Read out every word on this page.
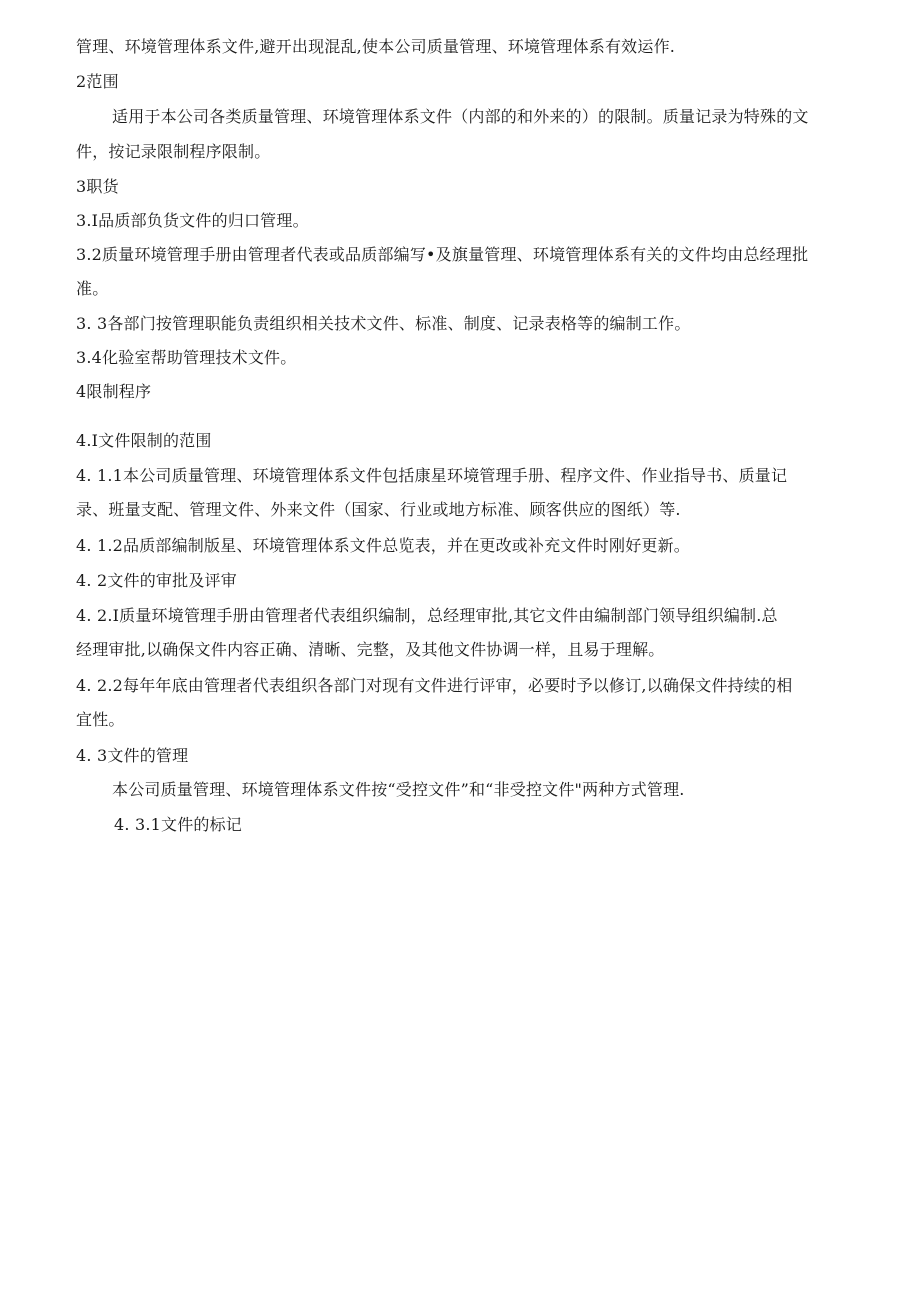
管理、环境管理体系文件,避开出现混乱,使本公司质量管理、环境管理体系有效运作.
2范围
适用于本公司各类质量管理、环境管理体系文件（内部的和外来的）的限制。质量记录为特殊的文
件，按记录限制程序限制。
3职货
3.I品质部负货文件的归口管理。
3.2质量环境管理手册由管理者代表或品质部编写•及旗量管理、环境管理体系有关的文件均由总经理批
准。
3. 3各部门按管理职能负责组织相关技术文件、标准、制度、记录表格等的编制工作。
3.4化验室帮助管理技术文件。
4限制程序
4.I文件限制的范围
4. 1.1本公司质量管理、环境管理体系文件包括康星环境管理手册、程序文件、作业指导书、质量记
录、班量支配、管理文件、外来文件（国家、行业或地方标准、顾客供应的图纸）等.
4. 1.2品质部编制版星、环境管理体系文件总览表，并在更改或补充文件时刚好更新。
4. 2文件的审批及评审
4. 2.I质量环境管理手册由管理者代表组织编制，总经理审批,其它文件由编制部门领导组织编制.总
经理审批,以确保文件内容正确、清晰、完整，及其他文件协调一样，且易于理解。
4. 2.2每年年底由管理者代表组织各部门对现有文件进行评审，必要时予以修订,以确保文件持续的相
宜性。
4. 3文件的管理
本公司质量管理、环境管理体系文件按“受控文件”和“非受控文件"两种方式管理.
4. 3.1文件的标记
